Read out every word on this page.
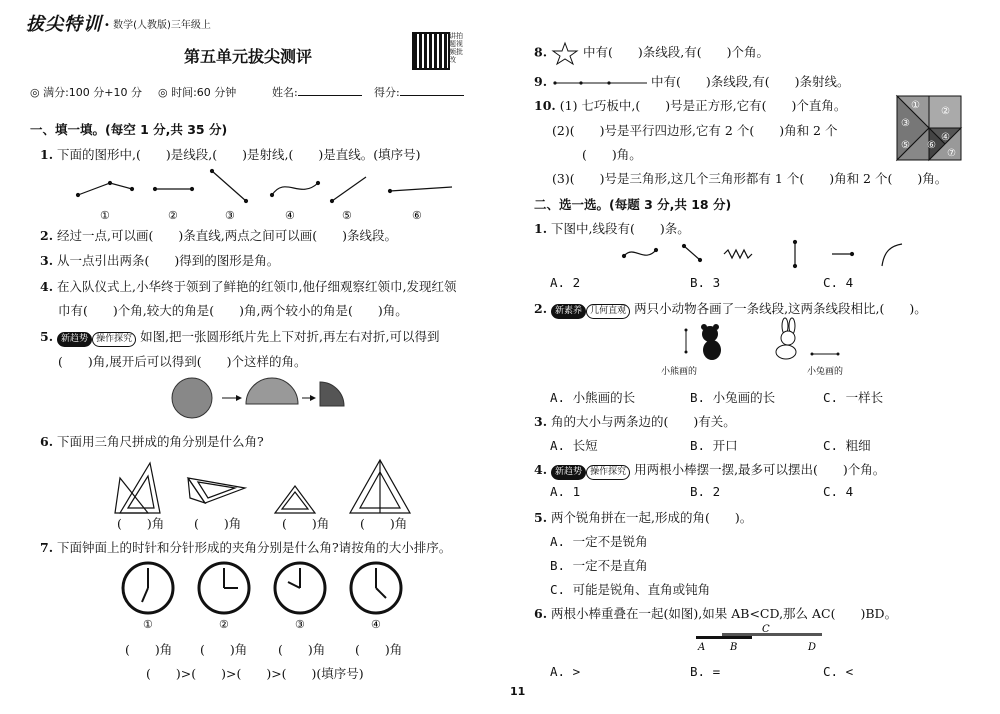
拔尖特训 • 数学(人教版)三年级上
第五单元拔尖测评
讲拍题视频批改
◎ 满分:100 分+10 分 ◎ 时间:60 分钟	姓名:	得分:
一、填一填。(每空 1 分,共 35 分)
1. 下面的图形中,(　　)是线段,(　　)是射线,(　　)是直线。(填序号)
①	②	③	④	⑤	⑥
2. 经过一点,可以画(　　)条直线,两点之间可以画(　　)条线段。
3. 从一点引出两条(　　)得到的图形是角。
4. 在入队仪式上,小华终于领到了鲜艳的红领巾,他仔细观察红领巾,发现红领
巾有(　　)个角,较大的角是(　　)角,两个较小的角是(　　)角。
5. 新趋势 操作探究 如图,把一张圆形纸片先上下对折,再左右对折,可以得到
(　　)角,展开后可以得到(　　)个这样的角。
6. 下面用三角尺拼成的角分别是什么角?
(　　)角 (　　)角	(　　)角 (　　)角
7. 下面钟面上的时针和分针形成的夹角分别是什么角?请按角的大小排序。
①	②	③	④
(　　)角 (　　)角 (　　)角 (　　)角
(　　)>(　　)>(　　)>(　　)(填序号)
8.	中有(　　)条线段,有(　　)个角。
9.	中有(　　)条线段,有(　　)条射线。
10. (1) 七巧板中,(　　)号是正方形,它有(　　)个直角。
(2)(　　)号是平行四边形,它有 2 个(　　)角和 2 个
(　　)角。
(3)(　　)号是三角形,这几个三角形都有 1 个(　　)角和 2 个(　　)角。
①
②
③
④
⑤ ⑥
⑦
二、选一选。(每题 3 分,共 18 分)
1. 下图中,线段有(　　)条。
A. 2	B. 3	C. 4
2. 新素养 几何直观 两只小动物各画了一条线段,这两条线段相比,(　　)。
小熊画的	小兔画的
A. 小熊画的长	B. 小兔画的长	C. 一样长
3. 角的大小与两条边的(　　)有关。
A. 长短	B. 开口	C. 粗细
4. 新趋势 操作探究 用两根小棒摆一摆,最多可以摆出(　　)个角。
A. 1	B. 2	C. 4
5. 两个锐角拼在一起,形成的角(　　)。
A. 一定不是锐角
B. 一定不是直角
C. 可能是锐角、直角或钝角
6. 两根小棒重叠在一起(如图),如果 AB<CD,那么 AC(　　)BD。
A B
C
D
A. >	B. =	C. <
11
